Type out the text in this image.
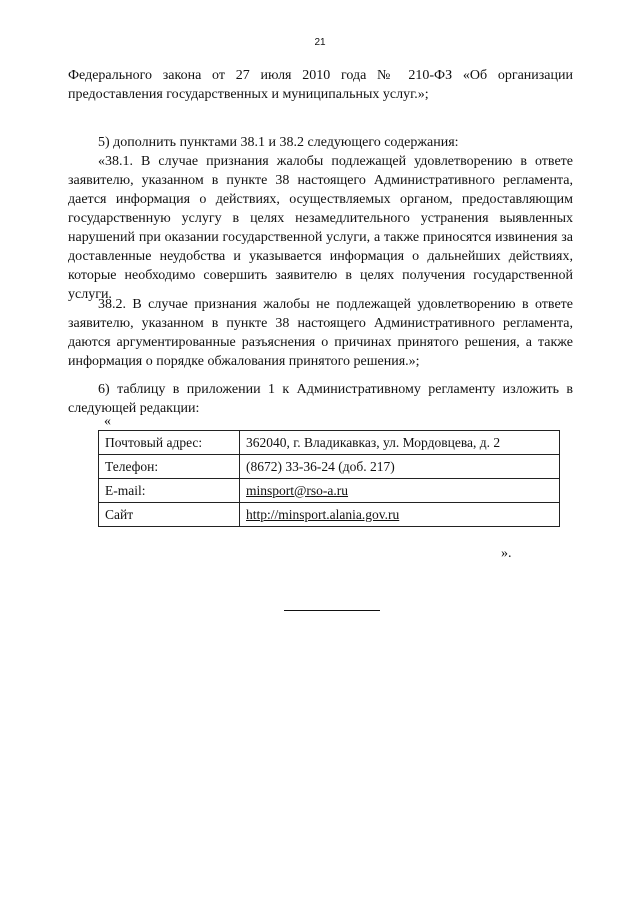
21
Федерального закона от 27 июля 2010 года № 210-ФЗ «Об организации предоставления государственных и муниципальных услуг.»;
5) дополнить пунктами 38.1 и 38.2 следующего содержания:
«38.1. В случае признания жалобы подлежащей удовлетворению в ответе заявителю, указанном в пункте 38 настоящего Административного регламента, дается информация о действиях, осуществляемых органом, предоставляющим государственную услугу в целях незамедлительного устранения выявленных нарушений при оказании государственной услуги, а также приносятся извинения за доставленные неудобства и указывается информация о дальнейших действиях, которые необходимо совершить заявителю в целях получения государственной услуги.
38.2. В случае признания жалобы не подлежащей удовлетворению в ответе заявителю, указанном в пункте 38 настоящего Административного регламента, даются аргументированные разъяснения о причинах принятого решения, а также информация о порядке обжалования принятого решения.»;
6) таблицу в приложении 1 к Административному регламенту изложить в следующей редакции:
«
Почтовый адрес:	362040, г. Владикавказ, ул. Мордовцева, д. 2
Телефон:	(8672) 33-36-24 (доб. 217)
E-mail:	minsport@rso-a.ru
Сайт	http://minsport.alania.gov.ru
».
